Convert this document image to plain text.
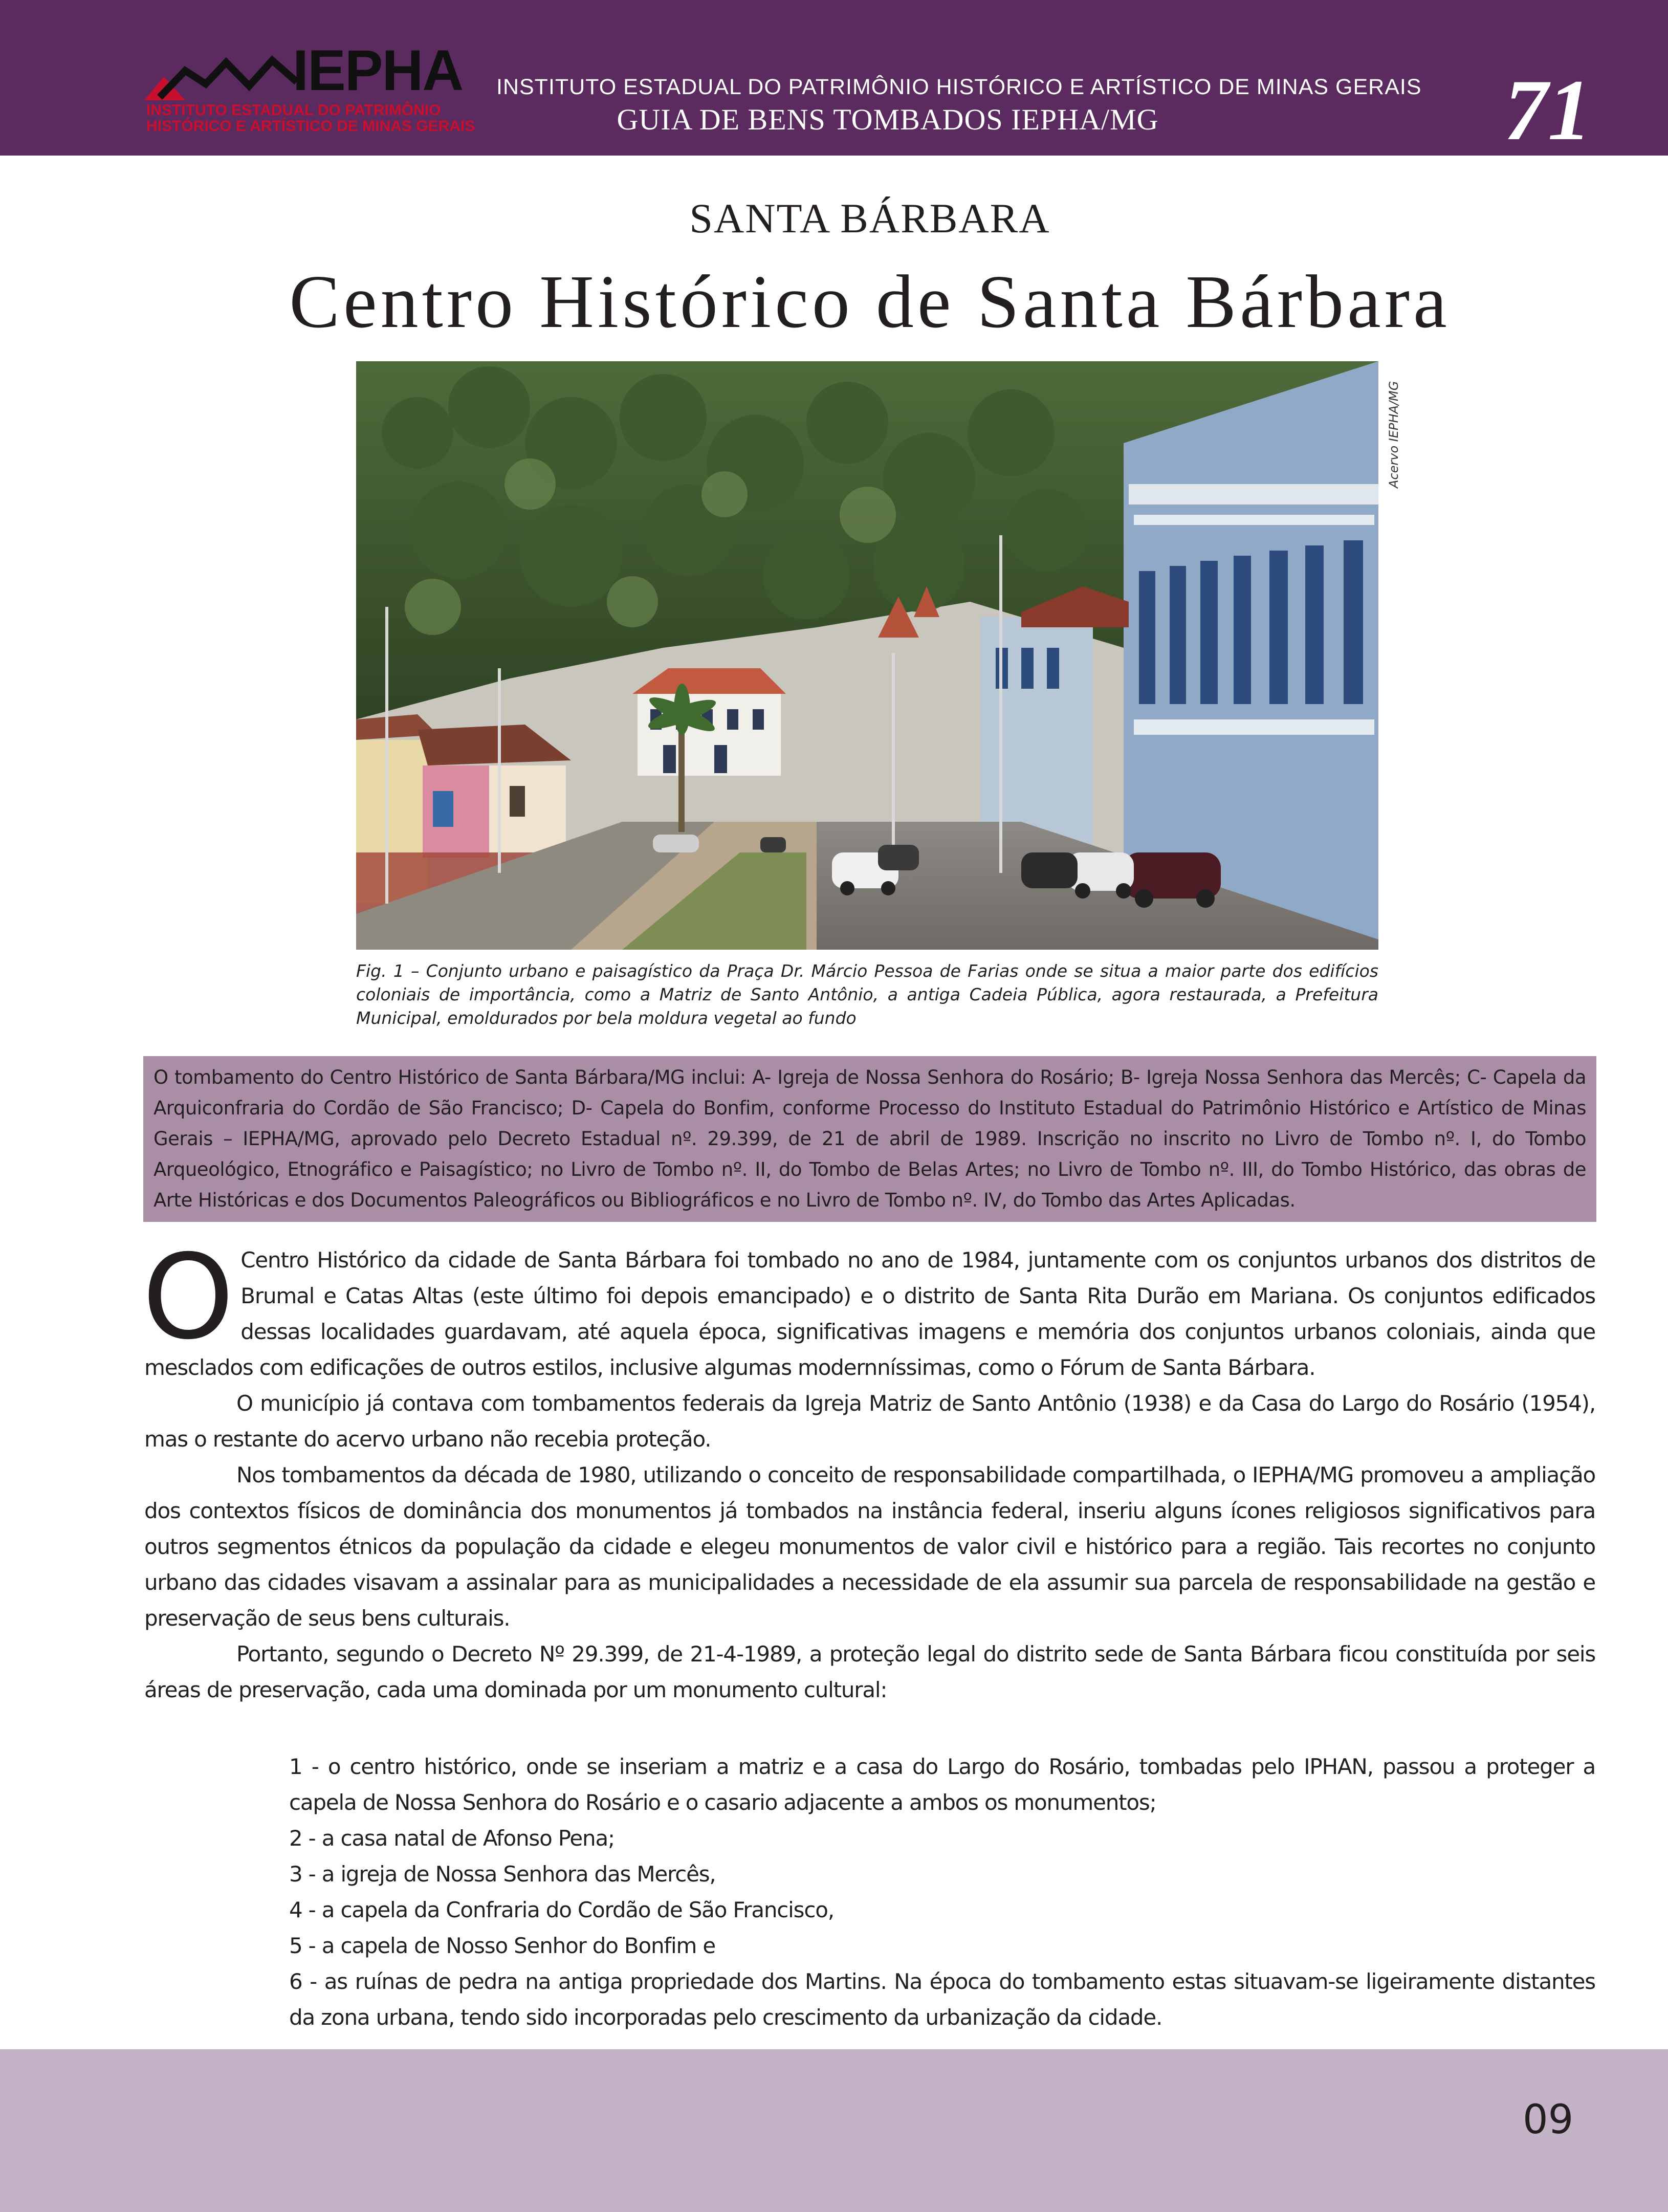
IEPHA
INSTITUTO ESTADUAL DO PATRIMÔNIO
HISTÓRICO E ARTÍSTICO DE MINAS GERAIS
INSTITUTO ESTADUAL DO PATRIMÔNIO HISTÓRICO E ARTÍSTICO DE MINAS GERAIS
GUIA DE BENS TOMBADOS IEPHA/MG	71
SANTA BÁRBARA
Centro Histórico de Santa Bárbara
Acervo IEPHA/MG
Fig. 1 – Conjunto urbano e paisagístico da Praça Dr. Márcio Pessoa de Farias onde se situa a maior parte dos edifícios coloniais de importância, como a Matriz de Santo Antônio, a antiga Cadeia Pública, agora restaurada, a Prefeitura Municipal, emoldurados por bela moldura vegetal ao fundo

O tombamento do Centro Histórico de Santa Bárbara/MG inclui: A- Igreja de Nossa Senhora do Rosário; B- Igreja Nossa Senhora das Mercês; C- Capela da Arquiconfraria do Cordão de São Francisco; D- Capela do Bonfim, conforme Processo do Instituto Estadual do Patrimônio Histórico e Artístico de Minas Gerais – IEPHA/MG, aprovado pelo Decreto Estadual nº. 29.399, de 21 de abril de 1989. Inscrição no inscrito no Livro de Tombo nº. I, do Tombo Arqueológico, Etnográfico e Paisagístico; no Livro de Tombo nº. II, do Tombo de Belas Artes; no Livro de Tombo nº. III, do Tombo Histórico, das obras de Arte Históricas e dos Documentos Paleográficos ou Bibliográficos e no Livro de Tombo nº. IV, do Tombo das Artes Aplicadas.

O Centro Histórico da cidade de Santa Bárbara foi tombado no ano de 1984, juntamente com os conjuntos urbanos dos distritos de Brumal e Catas Altas (este último foi depois emancipado) e o distrito de Santa Rita Durão em Mariana. Os conjuntos edificados dessas localidades guardavam, até aquela época, significativas imagens e memória dos conjuntos urbanos coloniais, ainda que mesclados com edificações de outros estilos, inclusive algumas modernníssimas, como o Fórum de Santa Bárbara.

O município já contava com tombamentos federais da Igreja Matriz de Santo Antônio (1938) e da Casa do Largo do Rosário (1954), mas o restante do acervo urbano não recebia proteção.

Nos tombamentos da década de 1980, utilizando o conceito de responsabilidade compartilhada, o IEPHA/MG promoveu a ampliação dos contextos físicos de dominância dos monumentos já tombados na instância federal, inseriu alguns ícones religiosos significativos para outros segmentos étnicos da população da cidade e elegeu monumentos de valor civil e histórico para a região. Tais recortes no conjunto urbano das cidades visavam a assinalar para as municipalidades a necessidade de ela assumir sua parcela de responsabilidade na gestão e preservação de seus bens culturais.

Portanto, segundo o Decreto Nº 29.399, de 21-4-1989, a proteção legal do distrito sede de Santa Bárbara ficou constituída por seis áreas de preservação, cada uma dominada por um monumento cultural:

1 - o centro histórico, onde se inseriam a matriz e a casa do Largo do Rosário, tombadas pelo IPHAN, passou a proteger a capela de Nossa Senhora do Rosário e o casario adjacente a ambos os monumentos;
2 - a casa natal de Afonso Pena;
3 - a igreja de Nossa Senhora das Mercês,
4 - a capela da Confraria do Cordão de São Francisco,
5 - a capela de Nosso Senhor do Bonfim e
6 - as ruínas de pedra na antiga propriedade dos Martins. Na época do tombamento estas situavam-se ligeiramente distantes da zona urbana, tendo sido incorporadas pelo crescimento da urbanização da cidade.
09
